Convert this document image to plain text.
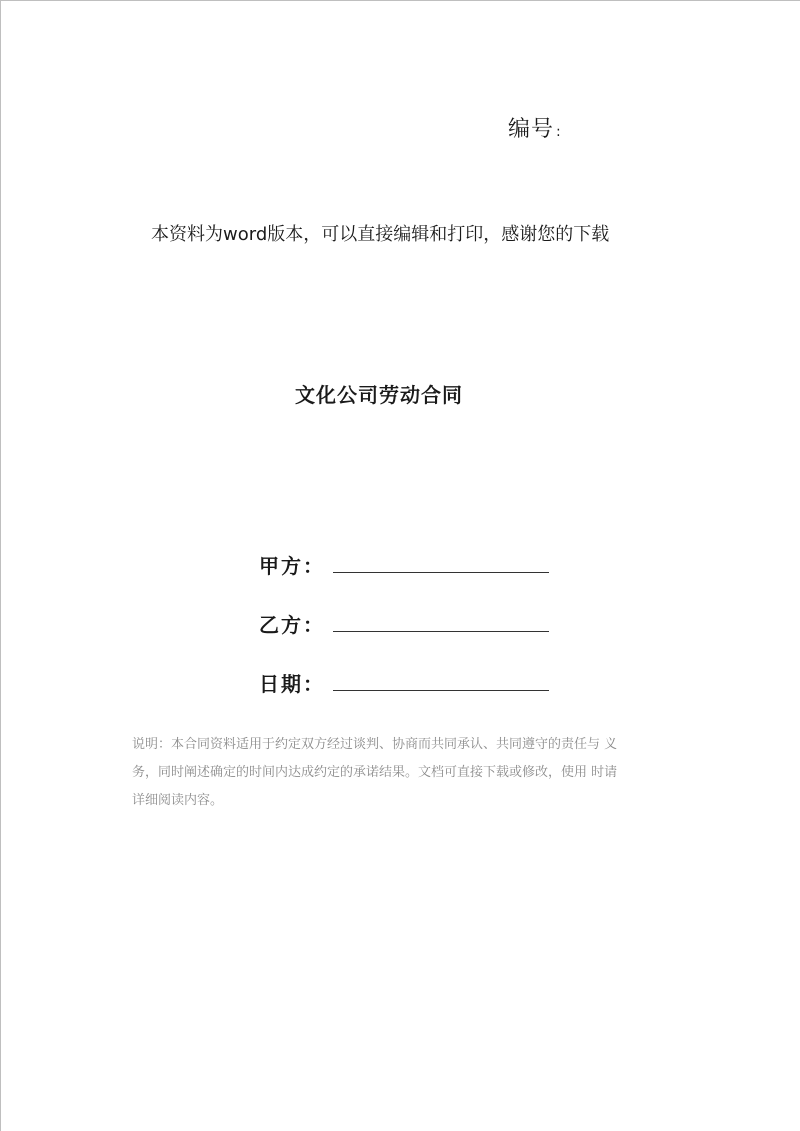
编号 :
本资料为word版本，可以直接编辑和打印，感谢您的下载
文化公司劳动合同
甲方：
乙方：
日期：
说明：本合同资料适用于约定双方经过谈判、协商而共同承认、共同遵守的责任与 义
务，同时阐述确定的时间内达成约定的承诺结果。文档可直接下载或修改，使用 时请
详细阅读内容。
